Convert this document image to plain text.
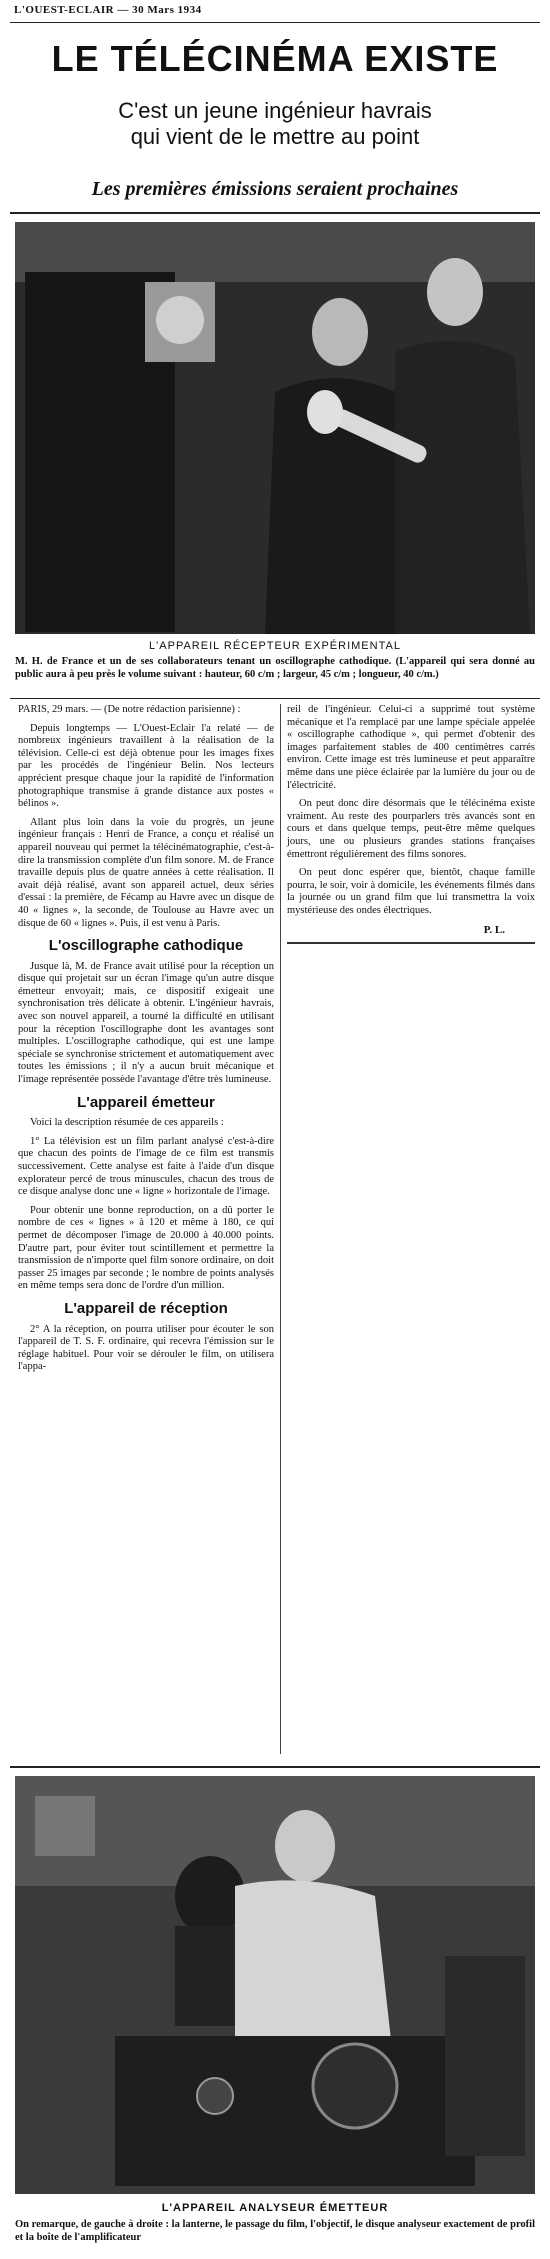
L'OUEST-ECLAIR — 30 Mars 1934
LE TÉLÉCINÉMA EXISTE
C'est un jeune ingénieur havrais
qui vient de le mettre au point
Les premières émissions seraient prochaines
L'APPAREIL RÉCEPTEUR EXPÉRIMENTAL
M. H. de France et un de ses collaborateurs tenant un oscillographe cathodique. (L'appareil qui sera donné au public aura à peu près le volume suivant : hauteur, 60 c/m ; largeur, 45 c/m ; longueur, 40 c/m.)

PARIS, 29 mars. — (De notre rédaction parisienne) :

Depuis longtemps — L'Ouest-Eclair l'a relaté — de nombreux ingénieurs travaillent à la réalisation de la télévision. Celle-ci est déjà obtenue pour les images fixes par les procédés de l'ingénieur Belin. Nos lecteurs apprécient presque chaque jour la rapidité de l'information photographique transmise à grande distance aux postes « bélinos ».

Allant plus loin dans la voie du progrès, un jeune ingénieur français : Henri de France, a conçu et réalisé un appareil nouveau qui permet la télécinématographie, c'est-à-dire la transmission complète d'un film sonore. M. de France travaille depuis plus de quatre années à cette réalisation. Il avait déjà réalisé, avant son appareil actuel, deux séries d'essai : la première, de Fécamp au Havre avec un disque de 40 « lignes », la seconde, de Toulouse au Havre avec un disque de 60 « lignes ». Puis, il est venu à Paris.

L'oscillographe cathodique

Jusque là, M. de France avait utilisé pour la réception un disque qui projetait sur un écran l'image qu'un autre disque émetteur envoyait; mais, ce dispositif exigeait une synchronisation très délicate à obtenir. L'ingénieur havrais, avec son nouvel appareil, a tourné la difficulté en utilisant pour la réception l'oscillographe dont les avantages sont multiples. L'oscillographe cathodique, qui est une lampe spéciale se synchronise strictement et automatiquement avec toutes les émissions ; il n'y a aucun bruit mécanique et l'image représentée possède l'avantage d'être très lumineuse.

L'appareil émetteur

Voici la description résumée de ces appareils :

1° La télévision est un film parlant analysé c'est-à-dire que chacun des points de l'image de ce film est transmis successivement. Cette analyse est faite à l'aide d'un disque explorateur percé de trous minuscules, chacun des trous de ce disque analyse donc une « ligne » horizontale de l'image.

Pour obtenir une bonne reproduction, on a dû porter le nombre de ces « lignes » à 120 et même à 180, ce qui permet de décomposer l'image de 20.000 à 40.000 points. D'autre part, pour éviter tout scintillement et permettre la transmission de n'importe quel film sonore ordinaire, on doit passer 25 images par seconde ; le nombre de points analysés en même temps sera donc de l'ordre d'un million.

L'appareil de réception

2° A la réception, on pourra utiliser pour écouter le son l'appareil de T. S. F. ordinaire, qui recevra l'émission sur le réglage habituel. Pour voir se dérouler le film, on utilisera l'appa-

reil de l'ingénieur. Celui-ci a supprimé tout système mécanique et l'a remplacé par une lampe spéciale appelée « oscillographe cathodique », qui permet d'obtenir des images parfaitement stables de 400 centimètres carrés environ. Cette image est très lumineuse et peut apparaître même dans une pièce éclairée par la lumière du jour ou de l'électricité.

On peut donc dire désormais que le télécinéma existe vraiment. Au reste des pourparlers très avancés sont en cours et dans quelque temps, peut-être même quelques jours, une ou plusieurs grandes stations françaises émettront régulièrement des films sonores.

On peut donc espérer que, bientôt, chaque famille pourra, le soir, voir à domicile, les événements filmés dans la journée ou un grand film que lui transmettra la voix mystérieuse des ondes électriques.

P. L.
L'APPAREIL ANALYSEUR ÉMETTEUR
On remarque, de gauche à droite : la lanterne, le passage du film, l'objectif, le disque analyseur exactement de profil et la boîte de l'amplificateur
